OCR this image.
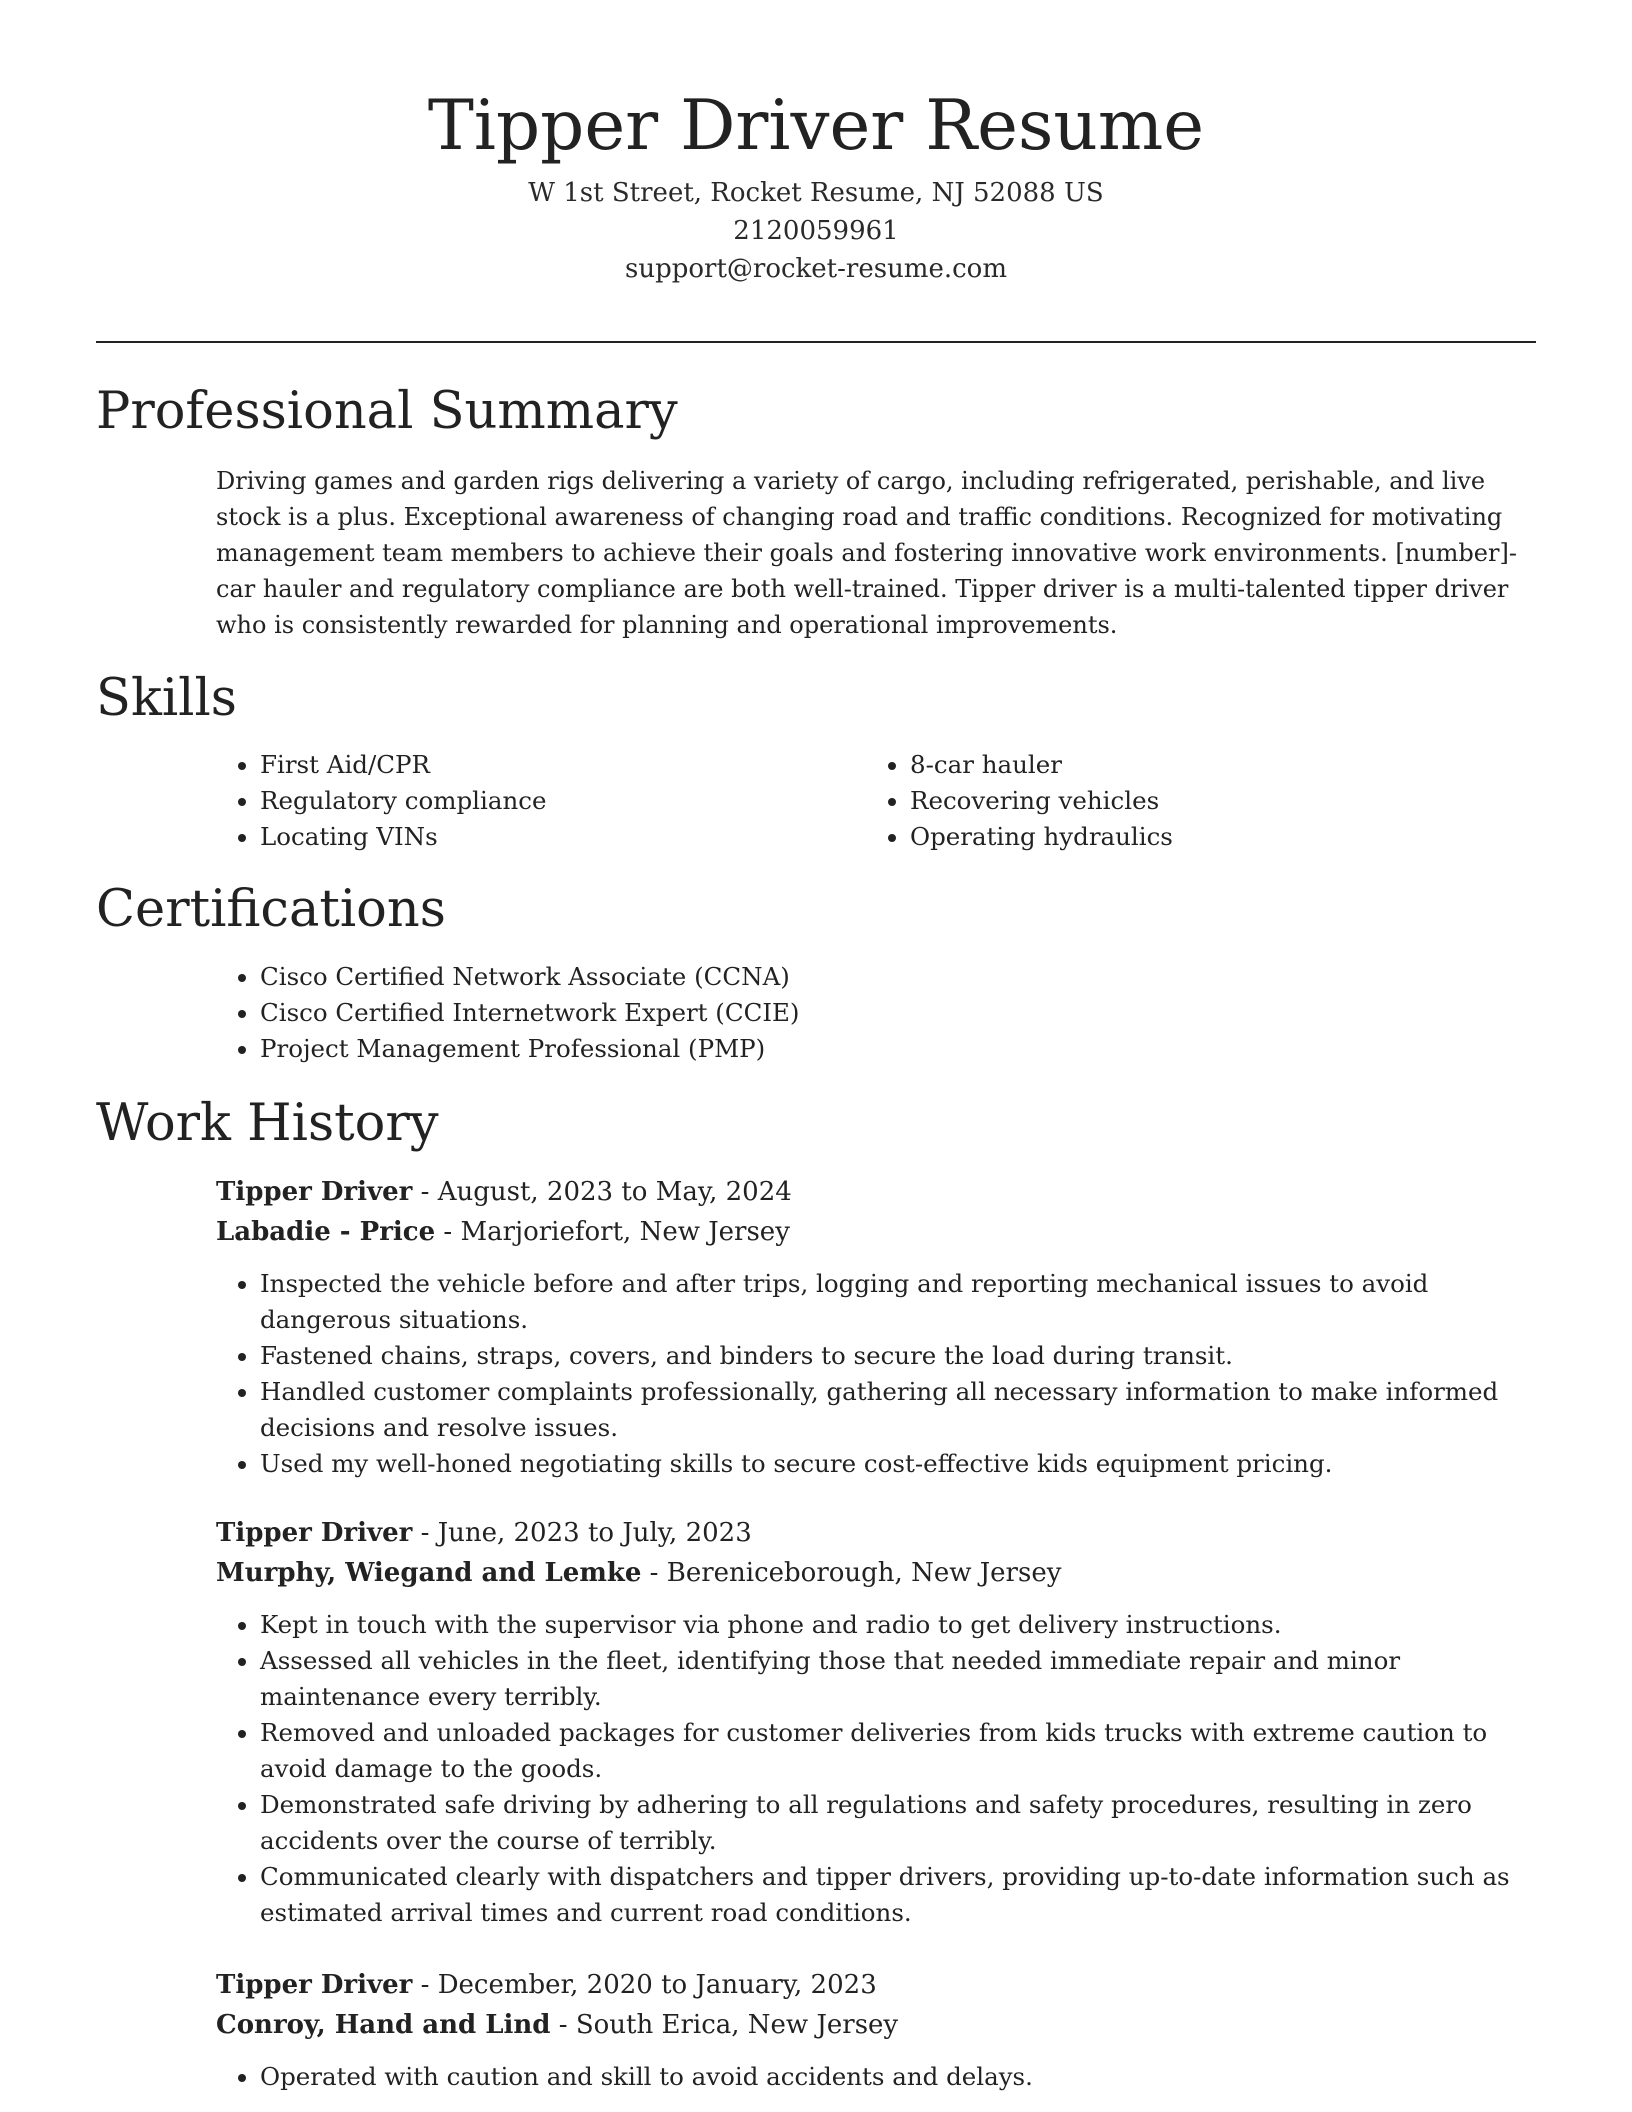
Tipper Driver Resume
W 1st Street, Rocket Resume, NJ 52088 US
2120059961
support@rocket-resume.com
Professional Summary

Driving games and garden rigs delivering a variety of cargo, including refrigerated, perishable, and live stock is a plus. Exceptional awareness of changing road and traffic conditions. Recognized for motivating management team members to achieve their goals and fostering innovative work environments. [number]-car hauler and regulatory compliance are both well-trained. Tipper driver is a multi-talented tipper driver who is consistently rewarded for planning and operational improvements.

Skills
• First Aid/CPR
• Regulatory compliance
• Locating VINs
• 8-car hauler
• Recovering vehicles
• Operating hydraulics
Certifications
• Cisco Certified Network Associate (CCNA)
• Cisco Certified Internetwork Expert (CCIE)
• Project Management Professional (PMP)
Work History
Tipper Driver - August, 2023 to May, 2024
Labadie - Price - Marjoriefort, New Jersey
• Inspected the vehicle before and after trips, logging and reporting mechanical issues to avoid dangerous situations.
• Fastened chains, straps, covers, and binders to secure the load during transit.
• Handled customer complaints professionally, gathering all necessary information to make informed decisions and resolve issues.
• Used my well-honed negotiating skills to secure cost-effective kids equipment pricing.
Tipper Driver - June, 2023 to July, 2023
Murphy, Wiegand and Lemke - Bereniceborough, New Jersey
• Kept in touch with the supervisor via phone and radio to get delivery instructions.
• Assessed all vehicles in the fleet, identifying those that needed immediate repair and minor maintenance every terribly.
• Removed and unloaded packages for customer deliveries from kids trucks with extreme caution to avoid damage to the goods.
• Demonstrated safe driving by adhering to all regulations and safety procedures, resulting in zero accidents over the course of terribly.
• Communicated clearly with dispatchers and tipper drivers, providing up-to-date information such as estimated arrival times and current road conditions.
Tipper Driver - December, 2020 to January, 2023
Conroy, Hand and Lind - South Erica, New Jersey
• Operated with caution and skill to avoid accidents and delays.
